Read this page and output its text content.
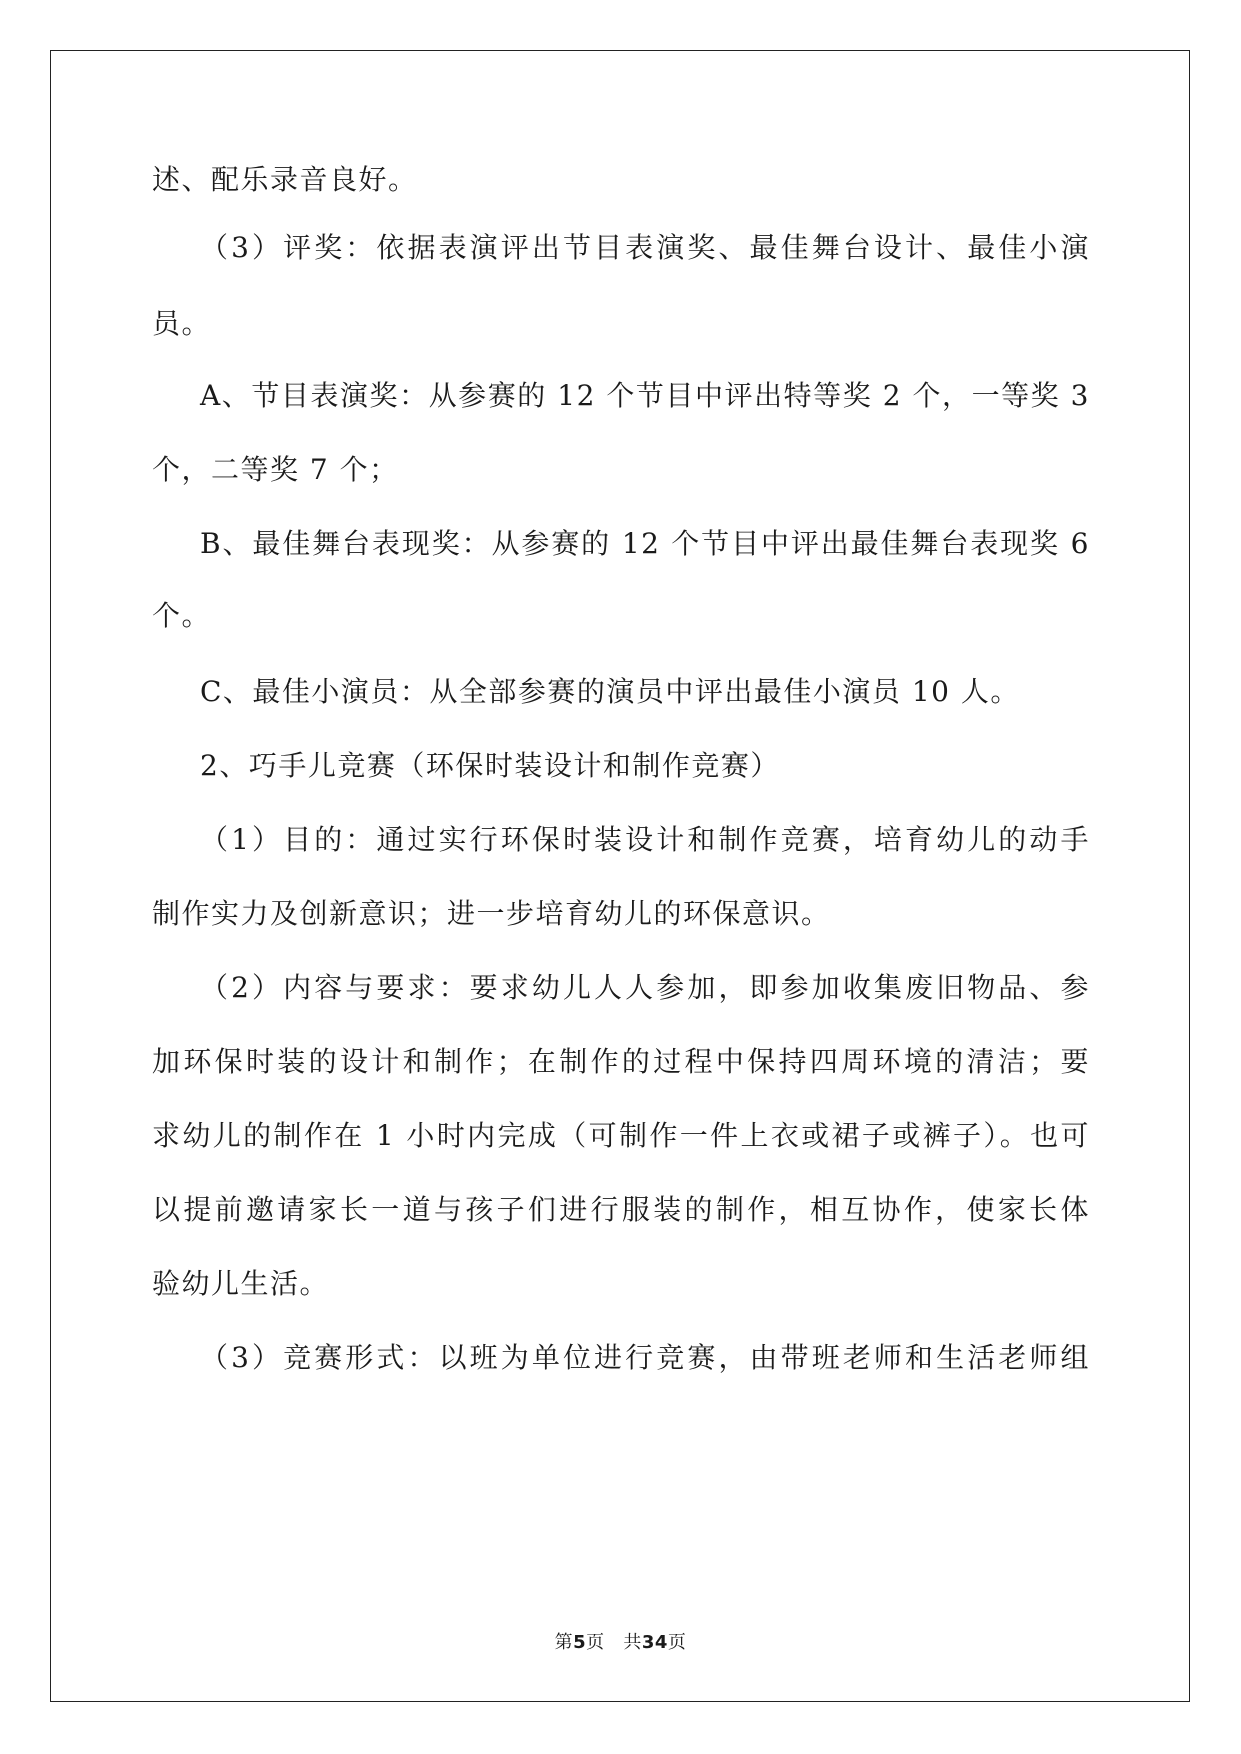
述、配乐录音良好。
（3）评奖：依据表演评出节目表演奖、最佳舞台设计、最佳小演
员。
A、节目表演奖：从参赛的 12 个节目中评出特等奖 2 个，一等奖 3
个，二等奖 7 个；
B、最佳舞台表现奖：从参赛的 12 个节目中评出最佳舞台表现奖 6
个。
C、最佳小演员：从全部参赛的演员中评出最佳小演员 10 人。
2、巧手儿竞赛（环保时装设计和制作竞赛）
（1）目的：通过实行环保时装设计和制作竞赛，培育幼儿的动手
制作实力及创新意识；进一步培育幼儿的环保意识。
（2）内容与要求：要求幼儿人人参加，即参加收集废旧物品、参
加环保时装的设计和制作；在制作的过程中保持四周环境的清洁；要
求幼儿的制作在 1 小时内完成（可制作一件上衣或裙子或裤子）。也可
以提前邀请家长一道与孩子们进行服装的制作，相互协作，使家长体
验幼儿生活。
（3）竞赛形式：以班为单位进行竞赛，由带班老师和生活老师组
第5页 共34页
